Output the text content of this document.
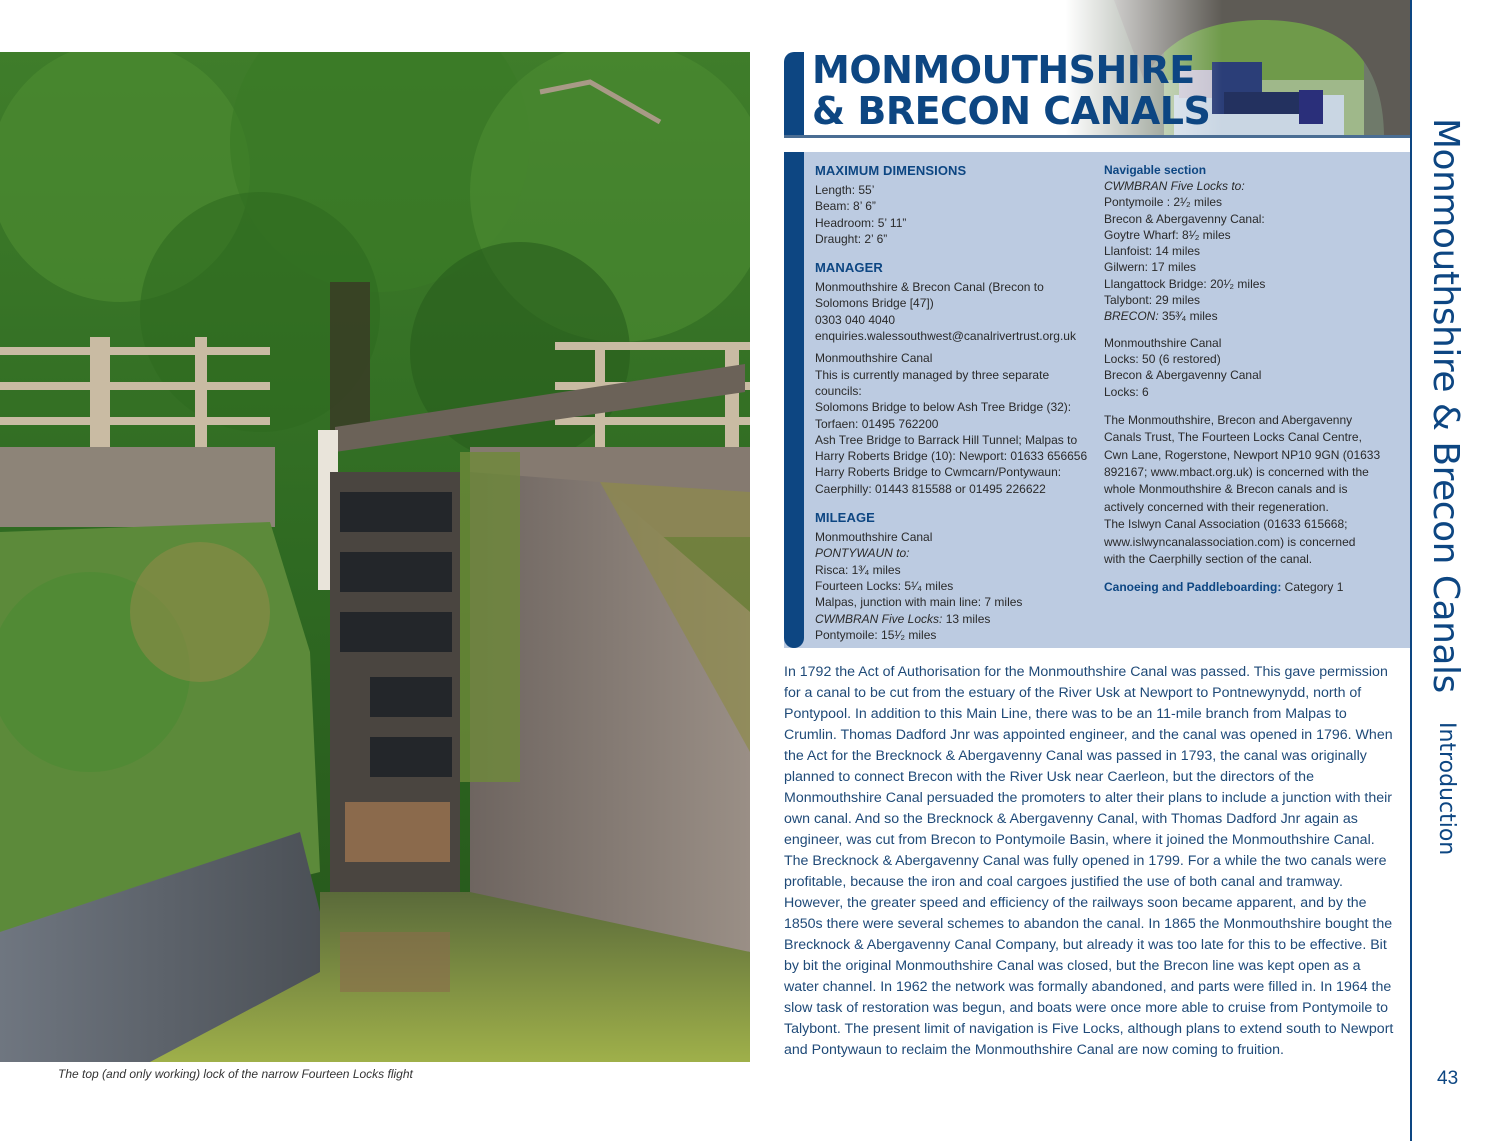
The top (and only working) lock of the narrow Fourteen Locks flight
MONMOUTHSHIRE
& BRECON CANALS
MAXIMUM DIMENSIONS
Length: 55’
Beam: 8’ 6”
Headroom: 5’ 11”
Draught: 2’ 6”
MANAGER
Monmouthshire & Brecon Canal (Brecon to
Solomons Bridge [47])
0303 040 4040
enquiries.walessouthwest@canalrivertrust.org.uk
Monmouthshire Canal
This is currently managed by three separate
councils:
Solomons Bridge to below Ash Tree Bridge (32):
Torfaen: 01495 762200
Ash Tree Bridge to Barrack Hill Tunnel; Malpas to
Harry Roberts Bridge (10): Newport: 01633 656656
Harry Roberts Bridge to Cwmcarn/Pontywaun:
Caerphilly: 01443 815588 or 01495 226622
MILEAGE
Monmouthshire Canal
PONTYWAUN to:
Risca: 1³⁄₄ miles
Fourteen Locks: 5¹⁄₄ miles
Malpas, junction with main line: 7 miles
CWMBRAN Five Locks: 13 miles
Pontymoile: 15¹⁄₂ miles
Navigable section
CWMBRAN Five Locks to:
Pontymoile : 2¹⁄₂ miles
Brecon & Abergavenny Canal:
Goytre Wharf: 8¹⁄₂ miles
Llanfoist: 14 miles
Gilwern: 17 miles
Llangattock Bridge: 20¹⁄₂ miles
Talybont: 29 miles
BRECON: 35³⁄₄ miles
Monmouthshire Canal
Locks: 50 (6 restored)
Brecon & Abergavenny Canal
Locks: 6
The Monmouthshire, Brecon and Abergavenny
Canals Trust, The Fourteen Locks Canal Centre,
Cwn Lane, Rogerstone, Newport NP10 9GN (01633
892167; www.mbact.org.uk) is concerned with the
whole Monmouthshire & Brecon canals and is
actively concerned with their regeneration.
The Islwyn Canal Association (01633 615668;
www.islwyncanalassociation.com) is concerned
with the Caerphilly section of the canal.
Canoeing and Paddleboarding: Category 1

In 1792 the Act of Authorisation for the Monmouthshire Canal was passed. This gave permission for a canal to be cut from the estuary of the River Usk at Newport to Pontnewynydd, north of Pontypool. In addition to this Main Line, there was to be an 11-mile branch from Malpas to Crumlin. Thomas Dadford Jnr was appointed engineer, and the canal was opened in 1796. When the Act for the Brecknock & Abergavenny Canal was passed in 1793, the canal was originally planned to connect Brecon with the River Usk near Caerleon, but the directors of the Monmouthshire Canal persuaded the promoters to alter their plans to include a junction with their own canal. And so the Brecknock & Abergavenny Canal, with Thomas Dadford Jnr again as engineer, was cut from Brecon to Pontymoile Basin, where it joined the Monmouthshire Canal. The Brecknock & Abergavenny Canal was fully opened in 1799. For a while the two canals were profitable, because the iron and coal cargoes justified the use of both canal and tramway. However, the greater speed and efficiency of the railways soon became apparent, and by the 1850s there were several schemes to abandon the canal. In 1865 the Monmouthshire bought the Brecknock & Abergavenny Canal Company, but already it was too late for this to be effective. Bit by bit the original Monmouthshire Canal was closed, but the Brecon line was kept open as a water channel. In 1962 the network was formally abandoned, and parts were filled in. In 1964 the slow task of restoration was begun, and boats were once more able to cruise from Pontymoile to Talybont. The present limit of navigation is Five Locks, although plans to extend south to Newport and Pontywaun to reclaim the Monmouthshire Canal are now coming to fruition.

Monmouthshire & Brecon Canals
Introduction
43
